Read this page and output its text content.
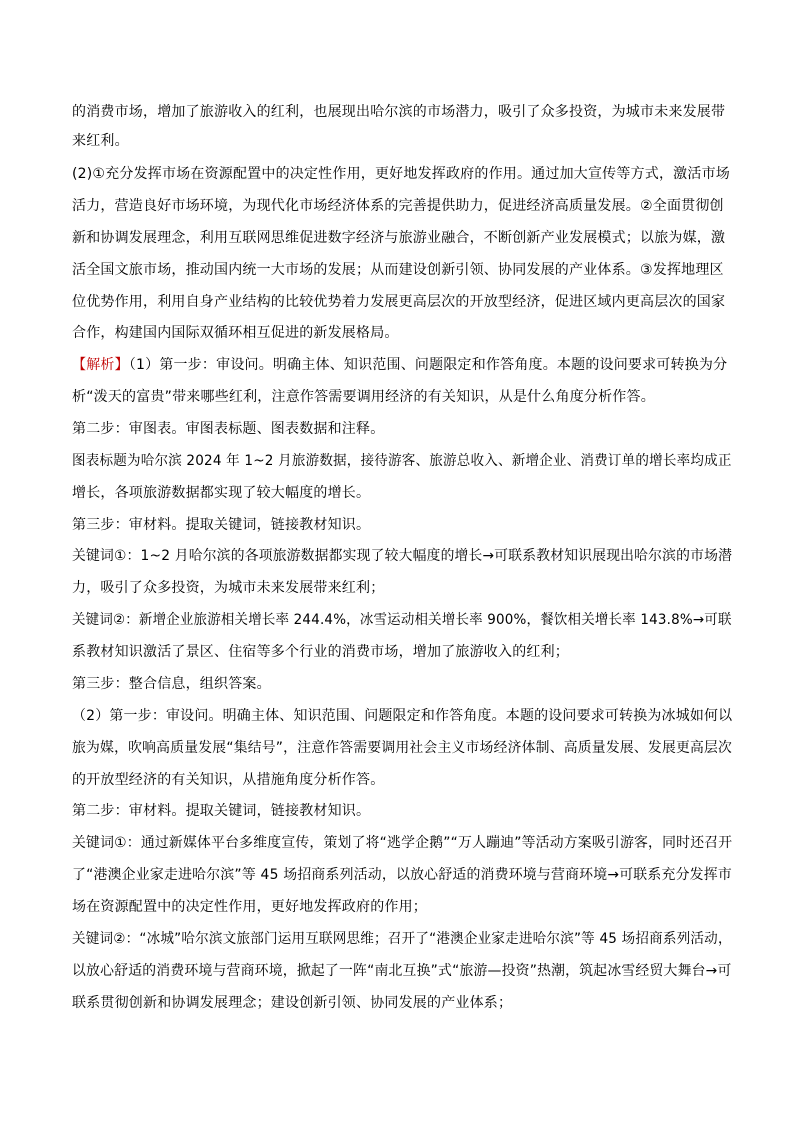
的消费市场，增加了旅游收入的红利，也展现出哈尔滨的市场潜力，吸引了众多投资，为城市未来发展带
来红利。
(2)①充分发挥市场在资源配置中的决定性作用，更好地发挥政府的作用。通过加大宣传等方式，激活市场
活力，营造良好市场环境，为现代化市场经济体系的完善提供助力，促进经济高质量发展。②全面贯彻创
新和协调发展理念，利用互联网思维促进数字经济与旅游业融合，不断创新产业发展模式；以旅为媒，激
活全国文旅市场，推动国内统一大市场的发展；从而建设创新引领、协同发展的产业体系。③发挥地理区
位优势作用，利用自身产业结构的比较优势着力发展更高层次的开放型经济，促进区域内更高层次的国家
合作，构建国内国际双循环相互促进的新发展格局。
【解析】（1）第一步：审设问。明确主体、知识范围、问题限定和作答角度。本题的设问要求可转换为分
析“泼天的富贵”带来哪些红利，注意作答需要调用经济的有关知识，从是什么角度分析作答。
第二步：审图表。审图表标题、图表数据和注释。
图表标题为哈尔滨 2024 年 1~2 月旅游数据，接待游客、旅游总收入、新增企业、消费订单的增长率均成正
增长，各项旅游数据都实现了较大幅度的增长。
第三步：审材料。提取关键词，链接教材知识。
关键词①：1~2 月哈尔滨的各项旅游数据都实现了较大幅度的增长→可联系教材知识展现出哈尔滨的市场潜
力，吸引了众多投资，为城市未来发展带来红利；
关键词②：新增企业旅游相关增长率 244.4%，冰雪运动相关增长率 900%，餐饮相关增长率 143.8%→可联
系教材知识激活了景区、住宿等多个行业的消费市场，增加了旅游收入的红利；
第三步：整合信息，组织答案。
（2）第一步：审设问。明确主体、知识范围、问题限定和作答角度。本题的设问要求可转换为冰城如何以
旅为媒，吹响高质量发展“集结号”，注意作答需要调用社会主义市场经济体制、高质量发展、发展更高层次
的开放型经济的有关知识，从措施角度分析作答。
第二步：审材料。提取关键词，链接教材知识。
关键词①：通过新媒体平台多维度宣传，策划了将“逃学企鹅”“万人蹦迪”等活动方案吸引游客，同时还召开
了“港澳企业家走进哈尔滨”等 45 场招商系列活动，以放心舒适的消费环境与营商环境→可联系充分发挥市
场在资源配置中的决定性作用，更好地发挥政府的作用；
关键词②：“冰城”哈尔滨文旅部门运用互联网思维；召开了“港澳企业家走进哈尔滨”等 45 场招商系列活动，
以放心舒适的消费环境与营商环境，掀起了一阵“南北互换”式“旅游—投资”热潮，筑起冰雪经贸大舞台→可
联系贯彻创新和协调发展理念；建设创新引领、协同发展的产业体系；
